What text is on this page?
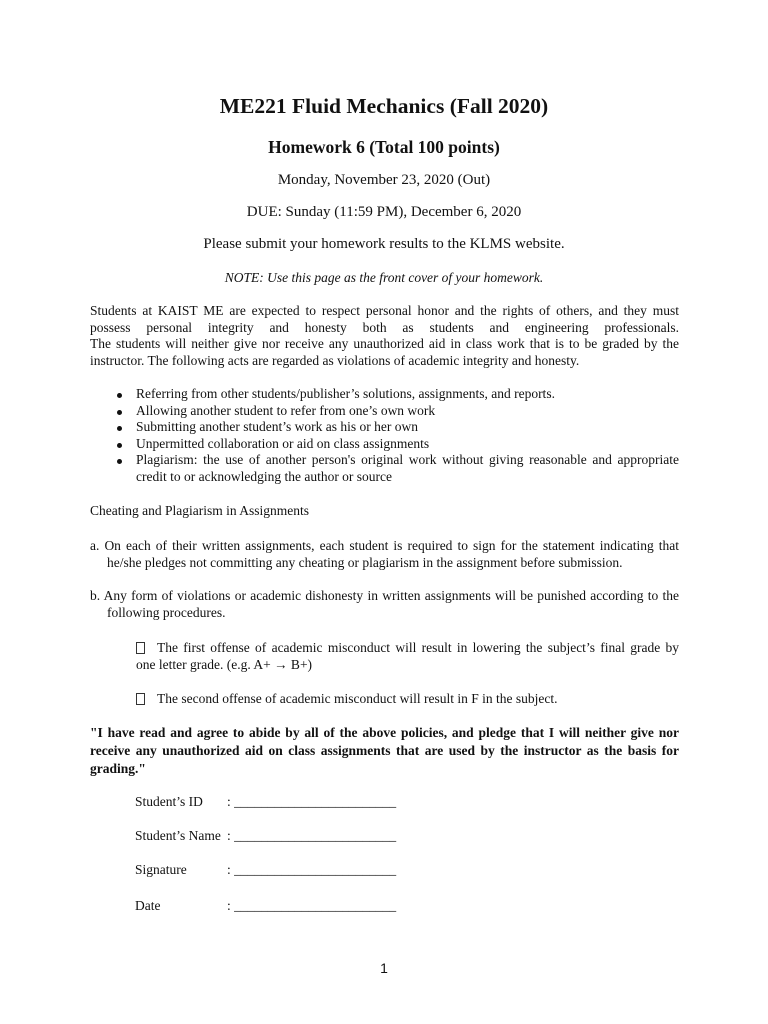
ME221 Fluid Mechanics (Fall 2020)
Homework 6 (Total 100 points)
Monday, November 23, 2020 (Out)
DUE: Sunday (11:59 PM), December 6, 2020
Please submit your homework results to the KLMS website.
NOTE: Use this page as the front cover of your homework.
Students at KAIST ME are expected to respect personal honor and the rights of others, and they must
possess personal integrity and honesty both as students and engineering professionals.
The students will neither give nor receive any unauthorized aid in class work that is to be graded by the
instructor. The following acts are regarded as violations of academic integrity and honesty.
Referring from other students/publisher’s solutions, assignments, and reports.
Allowing another student to refer from one’s own work
Submitting another student’s work as his or her own
Unpermitted collaboration or aid on class assignments
Plagiarism: the use of another person's original work without giving reasonable and appropriate
credit to or acknowledging the author or source
Cheating and Plagiarism in Assignments
a. On each of their written assignments, each student is required to sign for the statement indicating that
he/she pledges not committing any cheating or plagiarism in the assignment before submission.
b. Any form of violations or academic dishonesty in written assignments will be punished according to the
following procedures.
The first offense of academic misconduct will result in lowering the subject’s final grade by
one letter grade. (e.g. A+ → B+)
The second offense of academic misconduct will result in F in the subject.
"I have read and agree to abide by all of the above policies, and pledge that I will neither give nor
receive any unauthorized aid on class assignments that are used by the instructor as the basis for
grading."
Student’s ID : ________________________
Student’s Name : ________________________
Signature	: ________________________
Date	: ________________________
1
